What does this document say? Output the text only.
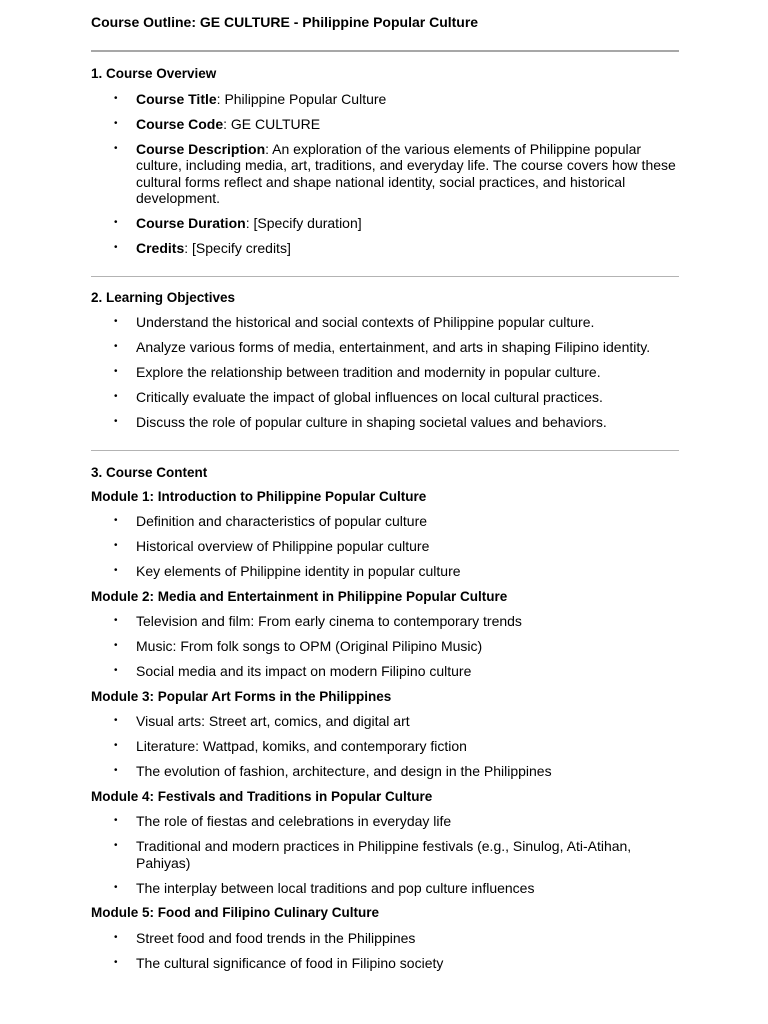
Course Outline: GE CULTURE - Philippine Popular Culture
1. Course Overview
• Course Title: Philippine Popular Culture
• Course Code: GE CULTURE
• Course Description: An exploration of the various elements of Philippine popular culture, including media, art, traditions, and everyday life. The course covers how these cultural forms reflect and shape national identity, social practices, and historical development.
• Course Duration: [Specify duration]
• Credits: [Specify credits]
2. Learning Objectives
• Understand the historical and social contexts of Philippine popular culture.
• Analyze various forms of media, entertainment, and arts in shaping Filipino identity.
• Explore the relationship between tradition and modernity in popular culture.
• Critically evaluate the impact of global influences on local cultural practices.
• Discuss the role of popular culture in shaping societal values and behaviors.
3. Course Content
Module 1: Introduction to Philippine Popular Culture
• Definition and characteristics of popular culture
• Historical overview of Philippine popular culture
• Key elements of Philippine identity in popular culture
Module 2: Media and Entertainment in Philippine Popular Culture
• Television and film: From early cinema to contemporary trends
• Music: From folk songs to OPM (Original Pilipino Music)
• Social media and its impact on modern Filipino culture
Module 3: Popular Art Forms in the Philippines
• Visual arts: Street art, comics, and digital art
• Literature: Wattpad, komiks, and contemporary fiction
• The evolution of fashion, architecture, and design in the Philippines
Module 4: Festivals and Traditions in Popular Culture
• The role of fiestas and celebrations in everyday life
• Traditional and modern practices in Philippine festivals (e.g., Sinulog, Ati-Atihan, Pahiyas)
• The interplay between local traditions and pop culture influences
Module 5: Food and Filipino Culinary Culture
• Street food and food trends in the Philippines
• The cultural significance of food in Filipino society
